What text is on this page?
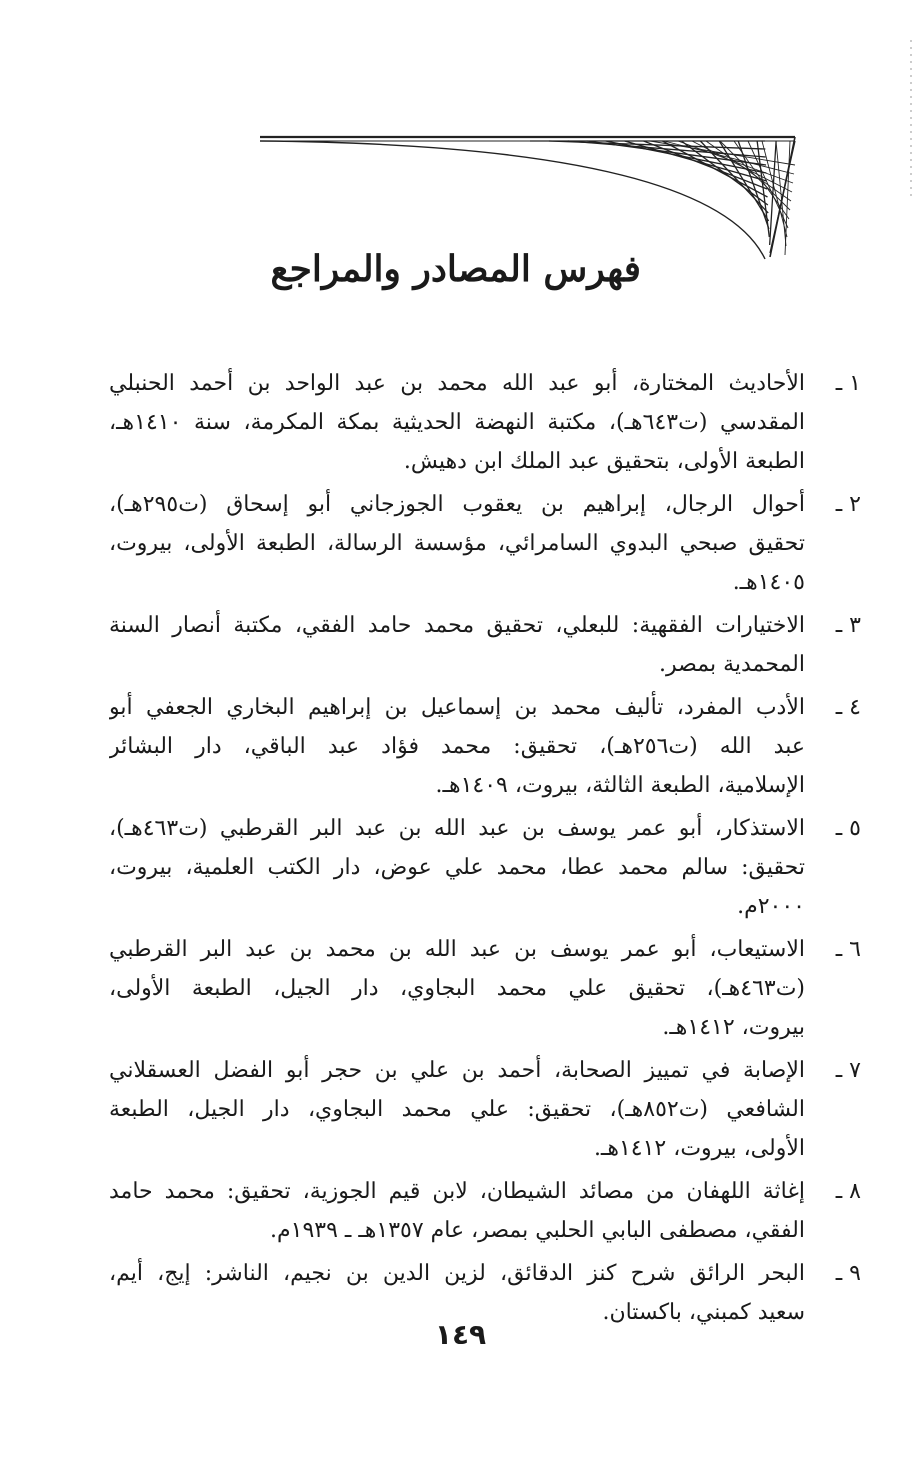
فهرس المصادر والمراجع
١ ـ
الأحاديث المختارة، أبو عبد الله محمد بن عبد الواحد بن أحمد الحنبلي
المقدسي (ت٦٤٣هـ)، مكتبة النهضة الحديثية بمكة المكرمة، سنة ١٤١٠هـ،
الطبعة الأولى، بتحقيق عبد الملك ابن دهيش.
٢ ـ
أحوال الرجال، إبراهيم بن يعقوب الجوزجاني أبو إسحاق (ت٢٩٥هـ)،
تحقيق صبحي البدوي السامرائي، مؤسسة الرسالة، الطبعة الأولى، بيروت،
١٤٠٥هـ.
٣ ـ
الاختيارات الفقهية: للبعلي، تحقيق محمد حامد الفقي، مكتبة أنصار السنة
المحمدية بمصر.
٤ ـ
الأدب المفرد، تأليف محمد بن إسماعيل بن إبراهيم البخاري الجعفي أبو
عبد الله (ت٢٥٦هـ)، تحقيق: محمد فؤاد عبد الباقي، دار البشائر
الإسلامية، الطبعة الثالثة، بيروت، ١٤٠٩هـ.
٥ ـ
الاستذكار، أبو عمر يوسف بن عبد الله بن عبد البر القرطبي (ت٤٦٣هـ)،
تحقيق: سالم محمد عطا، محمد علي عوض، دار الكتب العلمية، بيروت،
٢٠٠٠م.
٦ ـ
الاستيعاب، أبو عمر يوسف بن عبد الله بن محمد بن عبد البر القرطبي
(ت٤٦٣هـ)، تحقيق علي محمد البجاوي، دار الجيل، الطبعة الأولى،
بيروت، ١٤١٢هـ.
٧ ـ
الإصابة في تمييز الصحابة، أحمد بن علي بن حجر أبو الفضل العسقلاني
الشافعي (ت٨٥٢هـ)، تحقيق: علي محمد البجاوي، دار الجيل، الطبعة
الأولى، بيروت، ١٤١٢هـ.
٨ ـ
إغاثة اللهفان من مصائد الشيطان، لابن قيم الجوزية، تحقيق: محمد حامد
الفقي، مصطفى البابي الحلبي بمصر، عام ١٣٥٧هـ ـ ١٩٣٩م.
٩ ـ
البحر الرائق شرح كنز الدقائق، لزين الدين بن نجيم، الناشر: إيج، أيم،
سعيد كمبني، باكستان.
١٤٩
